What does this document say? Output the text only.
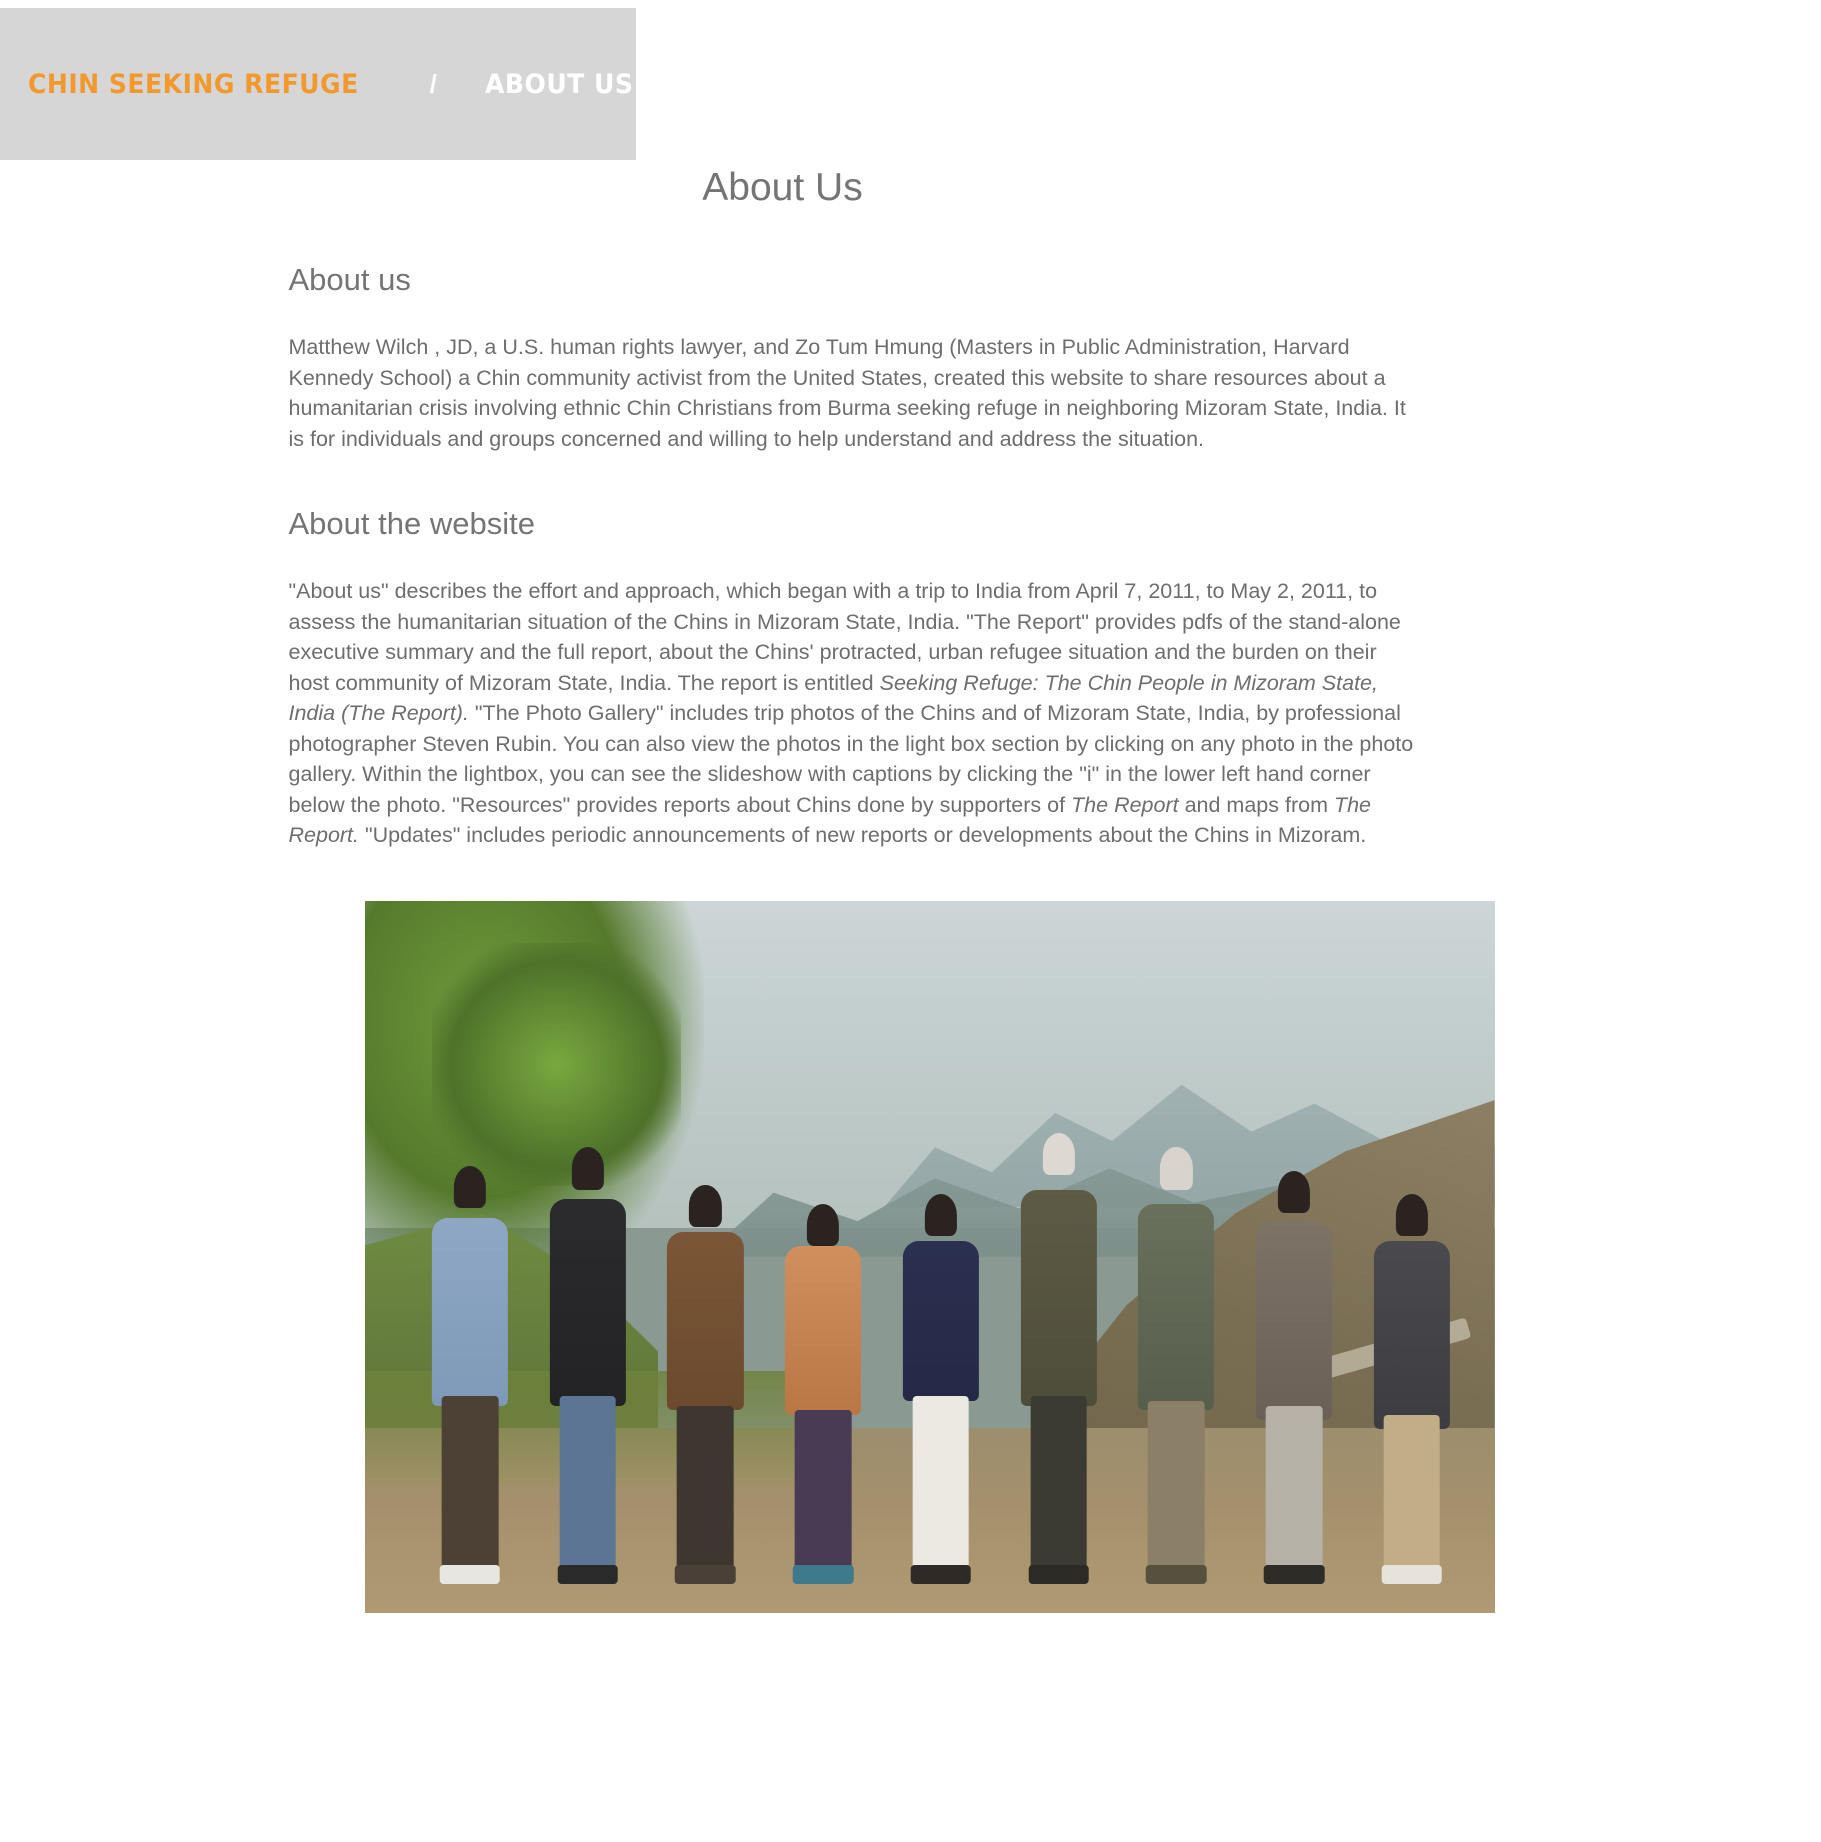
CHIN SEEKING REFUGE	/ ABOUT US	▾
About Us
About us

Matthew Wilch , JD, a U.S. human rights lawyer, and Zo Tum Hmung (Masters in Public Administration, Harvard Kennedy School) a Chin community activist from the United States, created this website to share resources about a humanitarian crisis involving ethnic Chin Christians from Burma seeking refuge in neighboring Mizoram State, India. It is for individuals and groups concerned and willing to help understand and address the situation.

About the website

"About us" describes the effort and approach, which began with a trip to India from April 7, 2011, to May 2, 2011, to assess the humanitarian situation of the Chins in Mizoram State, India. "The Report" provides pdfs of the stand-alone executive summary and the full report, about the Chins' protracted, urban refugee situation and the burden on their host community of Mizoram State, India. The report is entitled Seeking Refuge: The Chin People in Mizoram State, India (The Report). "The Photo Gallery" includes trip photos of the Chins and of Mizoram State, India, by professional photographer Steven Rubin. You can also view the photos in the light box section by clicking on any photo in the photo gallery. Within the lightbox, you can see the slideshow with captions by clicking the "i" in the lower left hand corner below the photo. "Resources" provides reports about Chins done by supporters of The Report and maps from The Report. "Updates" includes periodic announcements of new reports or developments about the Chins in Mizoram.
